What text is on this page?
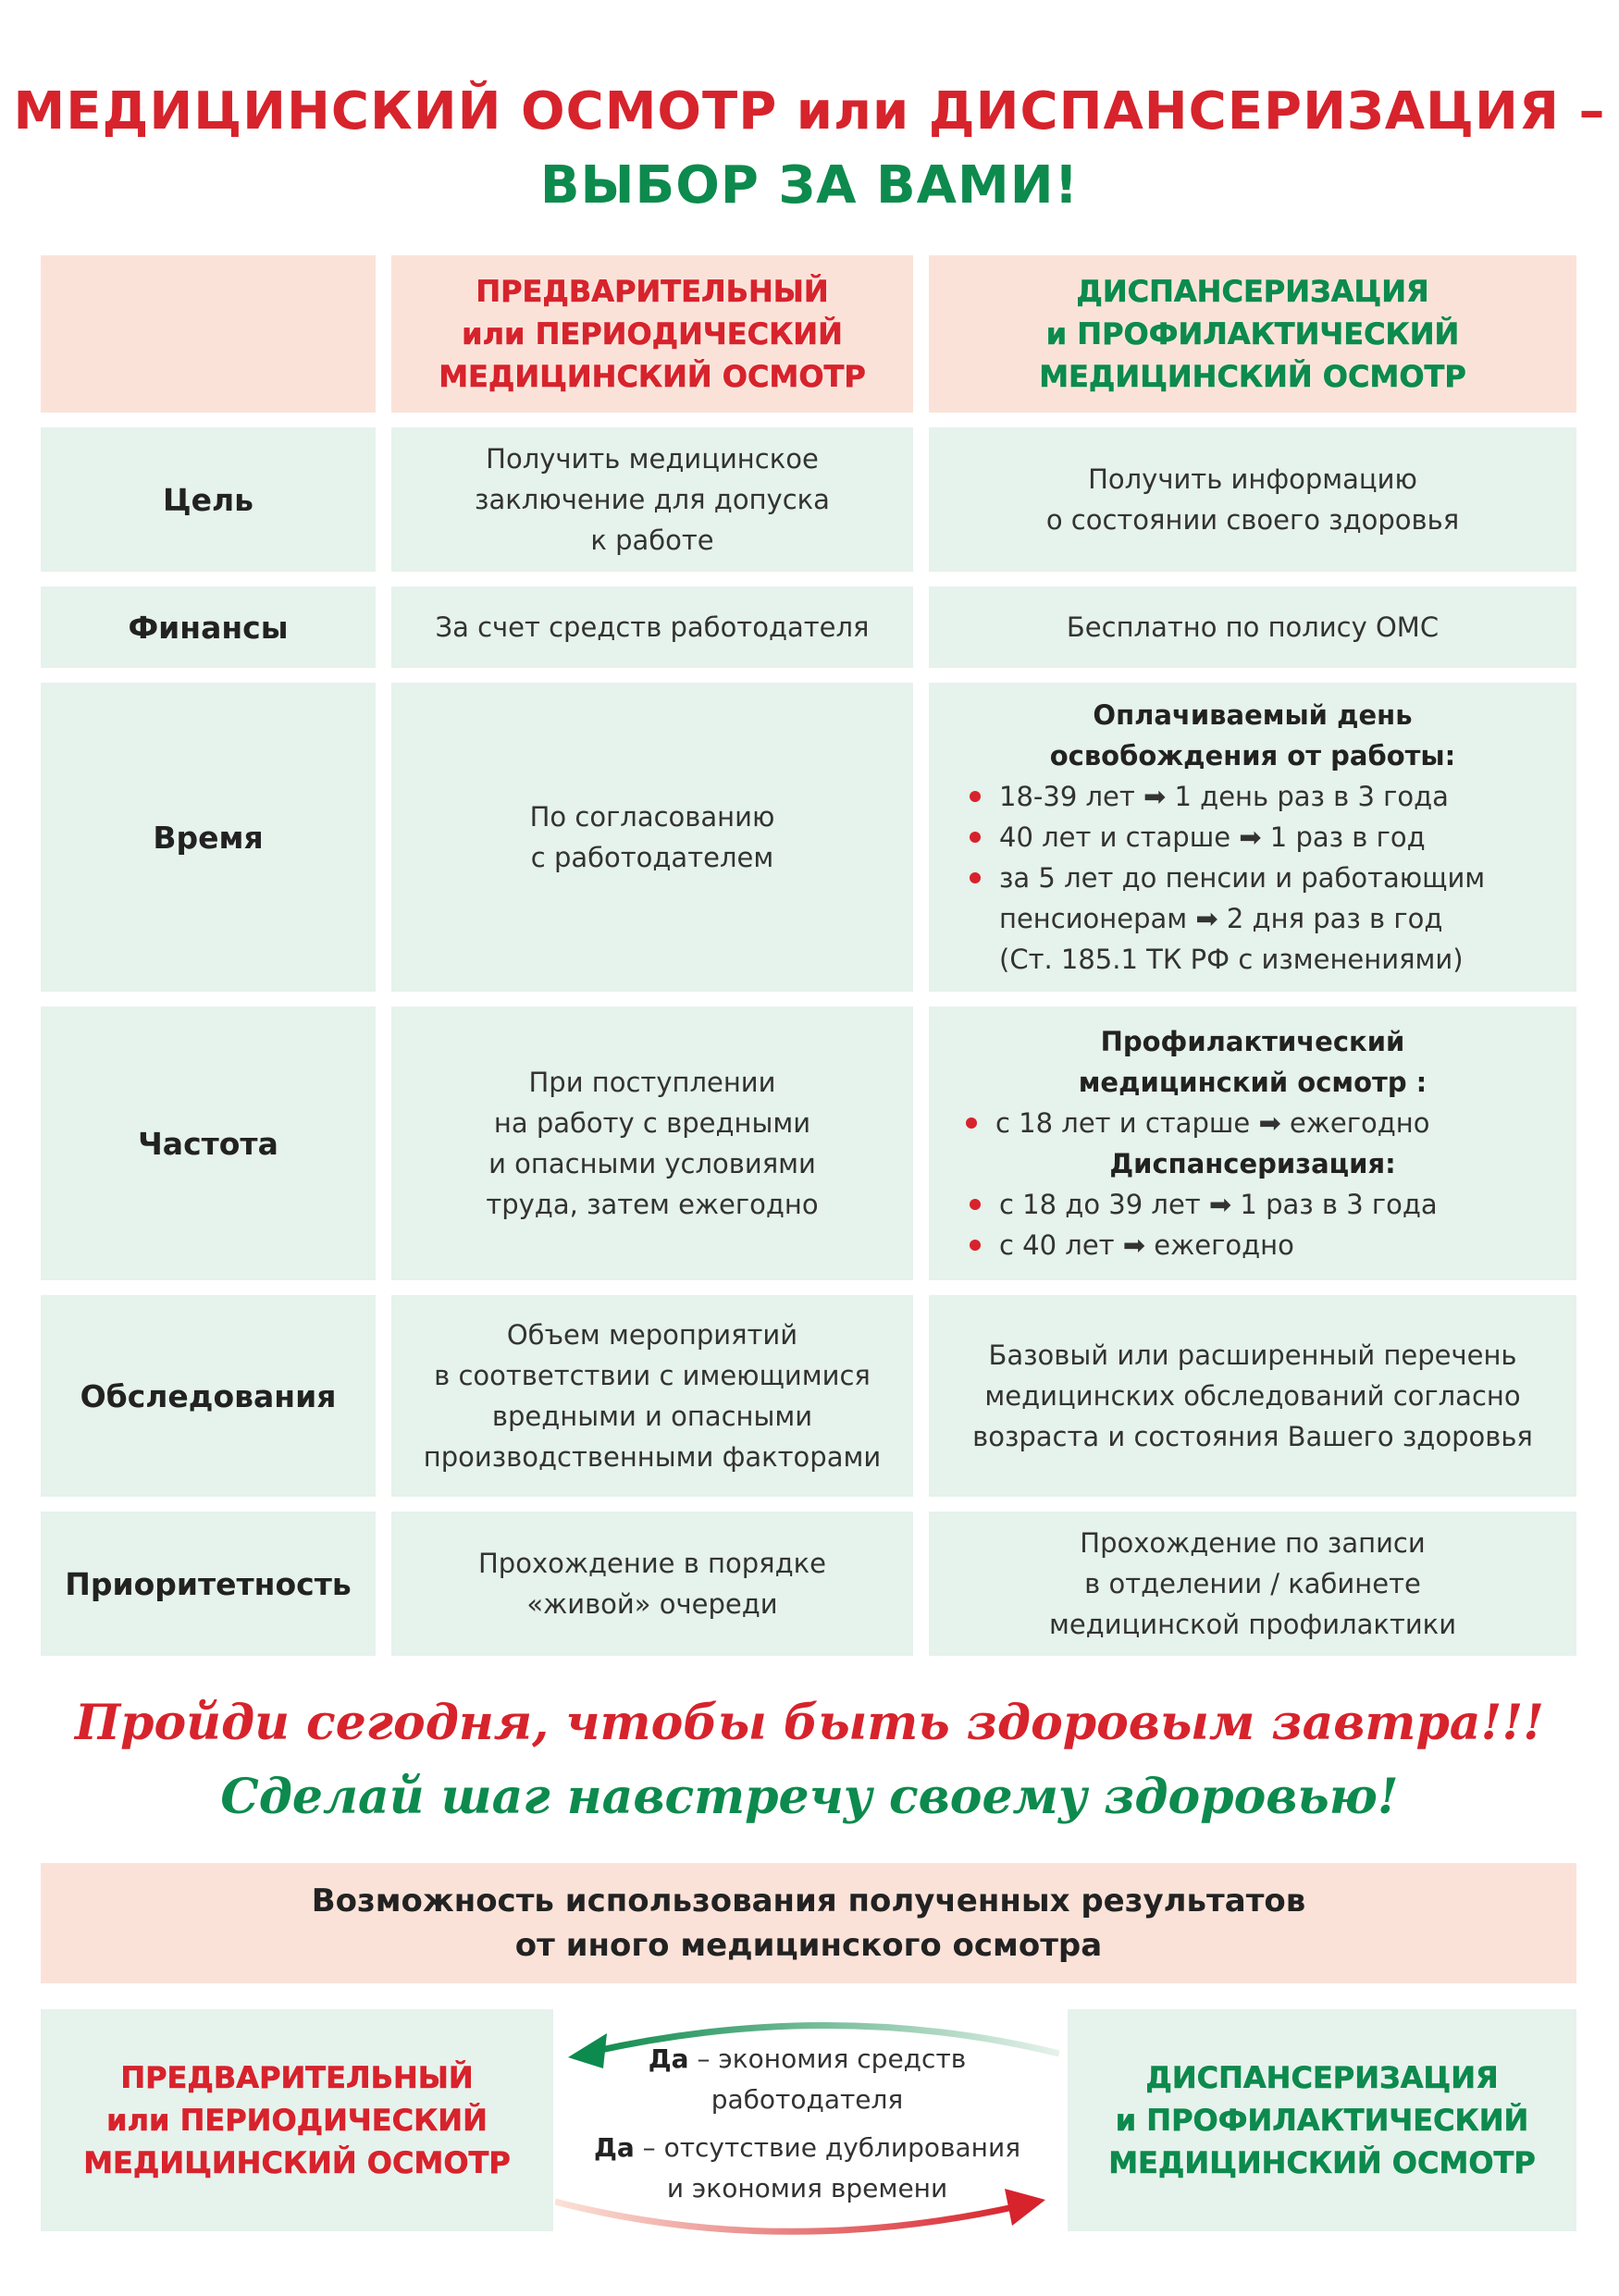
МЕДИЦИНСКИЙ ОСМОТР или ДИСПАНСЕРИЗАЦИЯ –
ВЫБОР ЗА ВАМИ!
ПРЕДВАРИТЕЛЬНЫЙ
или ПЕРИОДИЧЕСКИЙ
МЕДИЦИНСКИЙ ОСМОТР
ДИСПАНСЕРИЗАЦИЯ
и ПРОФИЛАКТИЧЕСКИЙ
МЕДИЦИНСКИЙ ОСМОТР
Цель
Получить медицинское
заключение для допуска
к работе
Получить информацию
о состоянии своего здоровья
Финансы	За счет средств работодателя	Бесплатно по полису ОМС
Время
По согласованию
с работодателем
Оплачиваемый день
освобождения от работы:
18-39 лет ➡ 1 день раз в 3 года
40 лет и старше ➡ 1 раз в год
за 5 лет до пенсии и работающим
пенсионерам ➡ 2 дня раз в год
(Ст. 185.1 ТК РФ с изменениями)
Частота
При поступлении
на работу с вредными
и опасными условиями
труда, затем ежегодно
Профилактический
медицинский осмотр :
с 18 лет и старше ➡ ежегодно
Диспансеризация:
с 18 до 39 лет ➡ 1 раз в 3 года
с 40 лет ➡ ежегодно
Обследования
Объем мероприятий
в соответствии с имеющимися
вредными и опасными
производственными факторами
Базовый или расширенный перечень
медицинских обследований согласно
возраста и состояния Вашего здоровья
Приоритетность
Прохождение в порядке
«живой» очереди
Прохождение по записи
в отделении / кабинете
медицинской профилактики
Пройди сегодня, чтобы быть здоровым завтра!!!
Сделай шаг навстречу своему здоровью!
Возможность использования полученных результатов
от иного медицинского осмотра
ПРЕДВАРИТЕЛЬНЫЙ
или ПЕРИОДИЧЕСКИЙ
МЕДИЦИНСКИЙ ОСМОТР
ДИСПАНСЕРИЗАЦИЯ
и ПРОФИЛАКТИЧЕСКИЙ
МЕДИЦИНСКИЙ ОСМОТР
Да – экономия средств
работодателя
Да – отсутствие дублирования
и экономия времени
